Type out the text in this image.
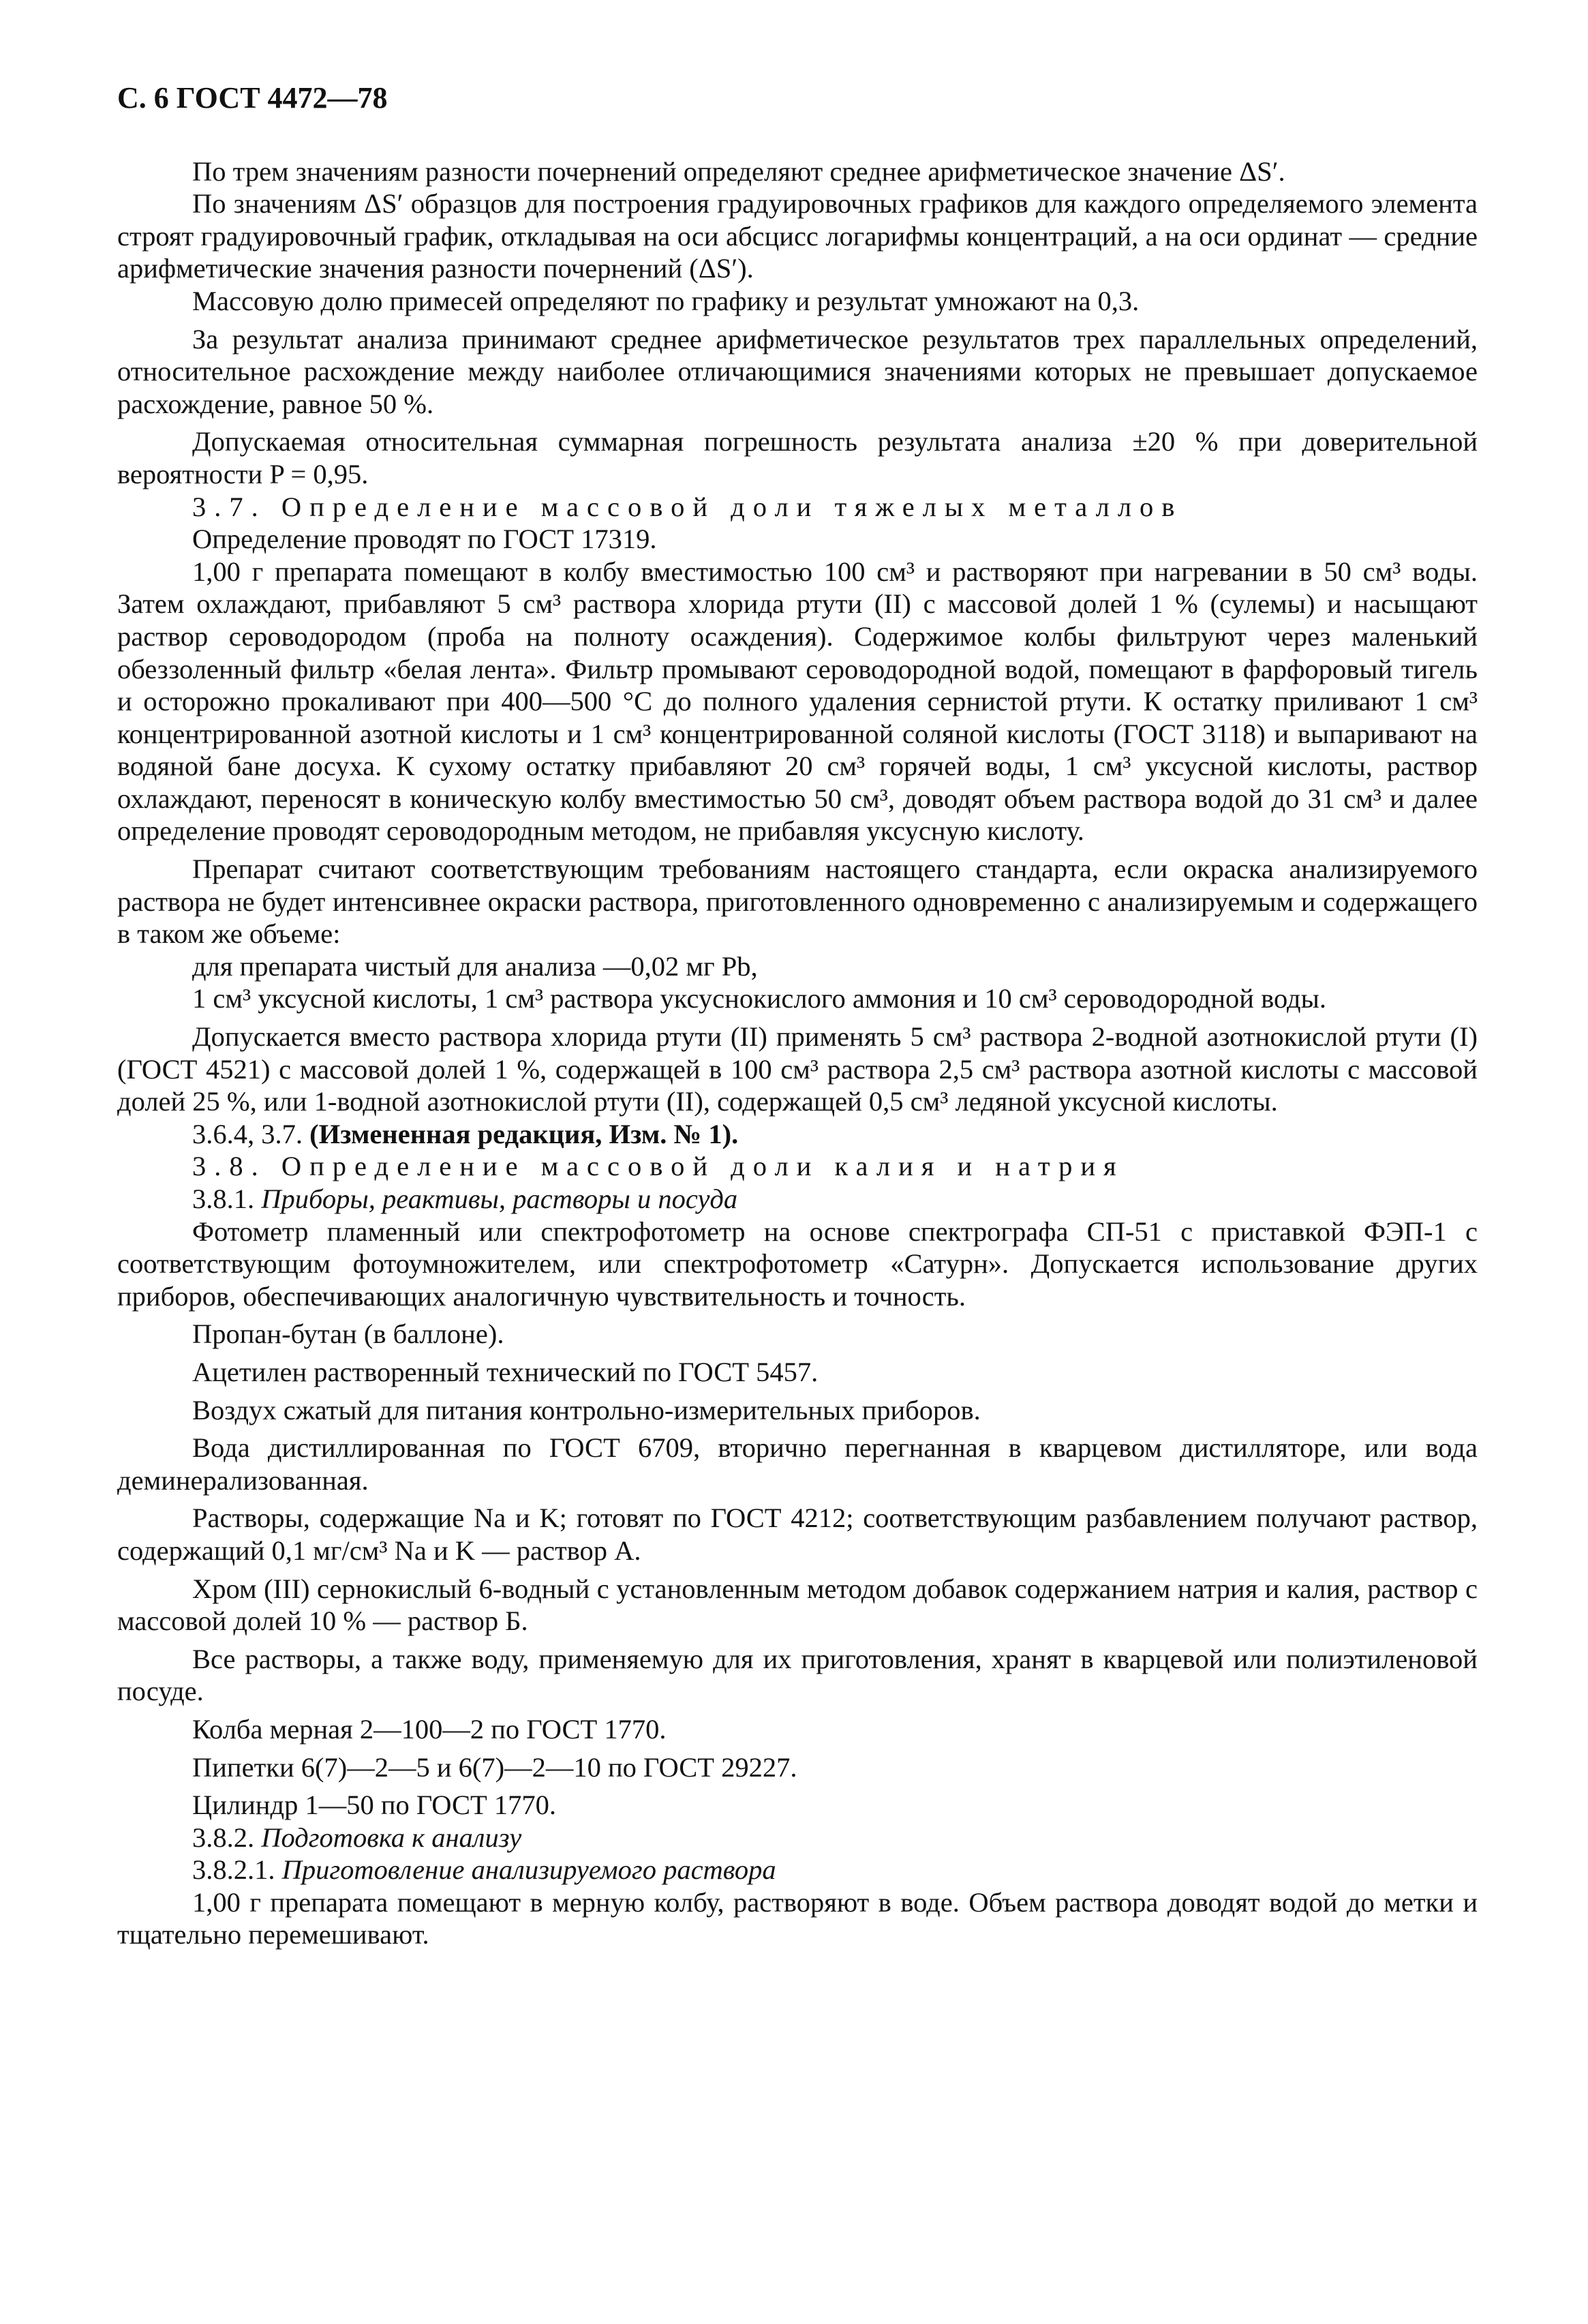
С. 6 ГОСТ 4472—78

По трем значениям разности почернений определяют среднее арифметическое значение ΔS′.

По значениям ΔS′ образцов для построения градуировочных графиков для каждого определяемого элемента строят градуировочный график, откладывая на оси абсцисс логарифмы концентраций, а на оси ординат — средние арифметические значения разности почернений (ΔS′).

Массовую долю примесей определяют по графику и результат умножают на 0,3.

За результат анализа принимают среднее арифметическое результатов трех параллельных определений, относительное расхождение между наиболее отличающимися значениями которых не превышает допускаемое расхождение, равное 50 %.

Допускаемая относительная суммарная погрешность результата анализа ±20 % при доверительной вероятности P = 0,95.

3.7. Определение массовой доли тяжелых металлов

Определение проводят по ГОСТ 17319.

1,00 г препарата помещают в колбу вместимостью 100 см³ и растворяют при нагревании в 50 см³ воды. Затем охлаждают, прибавляют 5 см³ раствора хлорида ртути (II) с массовой долей 1 % (сулемы) и насыщают раствор сероводородом (проба на полноту осаждения). Содержимое колбы фильтруют через маленький обеззоленный фильтр «белая лента». Фильтр промывают сероводородной водой, помещают в фарфоровый тигель и осторожно прокаливают при 400—500 °С до полного удаления сернистой ртути. К остатку приливают 1 см³ концентрированной азотной кислоты и 1 см³ концентрированной соляной кислоты (ГОСТ 3118) и выпаривают на водяной бане досуха. К сухому остатку прибавляют 20 см³ горячей воды, 1 см³ уксусной кислоты, раствор охлаждают, переносят в коническую колбу вместимостью 50 см³, доводят объем раствора водой до 31 см³ и далее определение проводят сероводородным методом, не прибавляя уксусную кислоту.

Препарат считают соответствующим требованиям настоящего стандарта, если окраска анализируемого раствора не будет интенсивнее окраски раствора, приготовленного одновременно с анализируемым и содержащего в таком же объеме:

для препарата чистый для анализа —0,02 мг Pb,

1 см³ уксусной кислоты, 1 см³ раствора уксуснокислого аммония и 10 см³ сероводородной воды.

Допускается вместо раствора хлорида ртути (II) применять 5 см³ раствора 2-водной азотнокислой ртути (I) (ГОСТ 4521) с массовой долей 1 %, содержащей в 100 см³ раствора 2,5 см³ раствора азотной кислоты с массовой долей 25 %, или 1-водной азотнокислой ртути (II), содержащей 0,5 см³ ледяной уксусной кислоты.

3.6.4, 3.7. (Измененная редакция, Изм. № 1).

3.8. Определение массовой доли калия и натрия

3.8.1. Приборы, реактивы, растворы и посуда

Фотометр пламенный или спектрофотометр на основе спектрографа СП-51 с приставкой ФЭП-1 с соответствующим фотоумножителем, или спектрофотометр «Сатурн». Допускается использование других приборов, обеспечивающих аналогичную чувствительность и точность.

Пропан-бутан (в баллоне).

Ацетилен растворенный технический по ГОСТ 5457.

Воздух сжатый для питания контрольно-измерительных приборов.

Вода дистиллированная по ГОСТ 6709, вторично перегнанная в кварцевом дистилляторе, или вода деминерализованная.

Растворы, содержащие Na и K; готовят по ГОСТ 4212; соответствующим разбавлением получают раствор, содержащий 0,1 мг/см³ Na и K — раствор А.

Хром (III) сернокислый 6-водный с установленным методом добавок содержанием натрия и калия, раствор с массовой долей 10 % — раствор Б.

Все растворы, а также воду, применяемую для их приготовления, хранят в кварцевой или полиэтиленовой посуде.

Колба мерная 2—100—2 по ГОСТ 1770.

Пипетки 6(7)—2—5 и 6(7)—2—10 по ГОСТ 29227.

Цилиндр 1—50 по ГОСТ 1770.

3.8.2. Подготовка к анализу

3.8.2.1. Приготовление анализируемого раствора

1,00 г препарата помещают в мерную колбу, растворяют в воде. Объем раствора доводят водой до метки и тщательно перемешивают.
